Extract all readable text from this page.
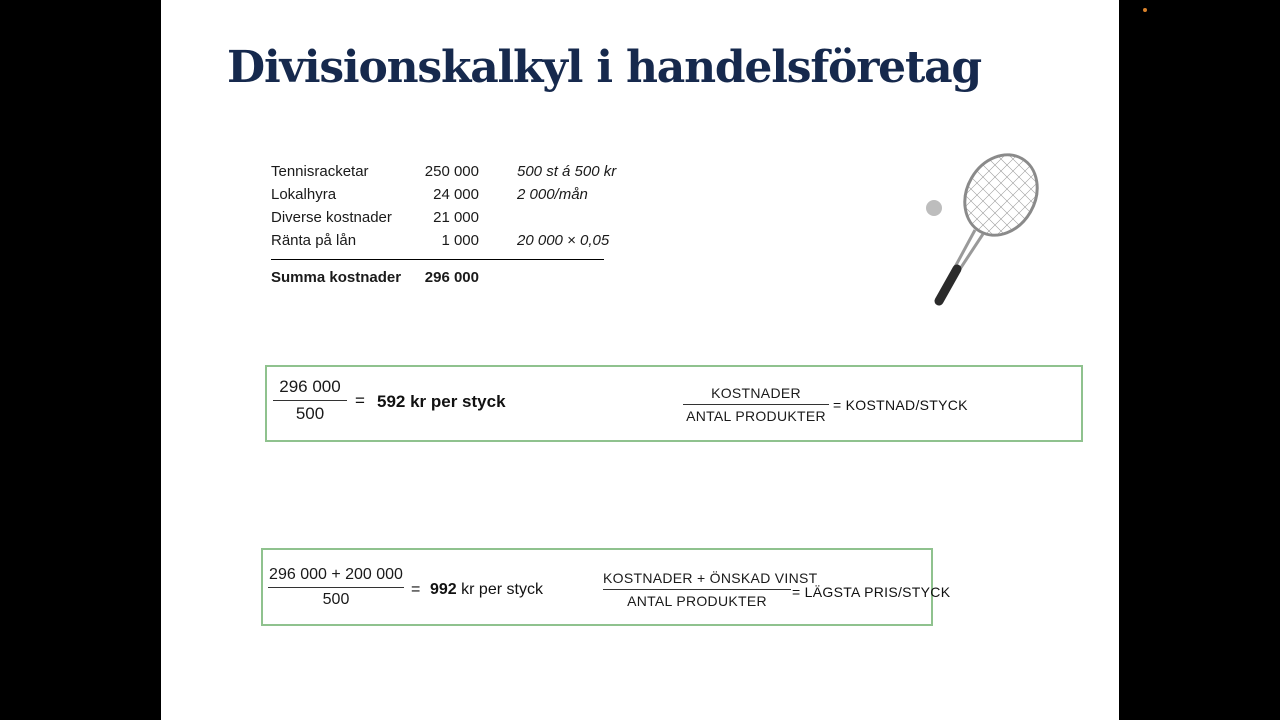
Divisionskalkyl i handelsföretag
Tennisracketar	250 000	500 st á 500 kr
Lokalhyra	24 000	2 000/mån
Diverse kostnader	21 000
Ränta på lån	1 000	20 000 × 0,05
Summa kostnader 296 000
296 000
500
= 592 kr per styck	KOSTNADER
ANTAL PRODUKTER
= KOSTNAD/STYCK
296 000 + 200 000
500
= 992 kr per styck
KOSTNADER + ÖNSKAD VINST
ANTAL PRODUKTER
= LÄGSTA PRIS/STYCK
